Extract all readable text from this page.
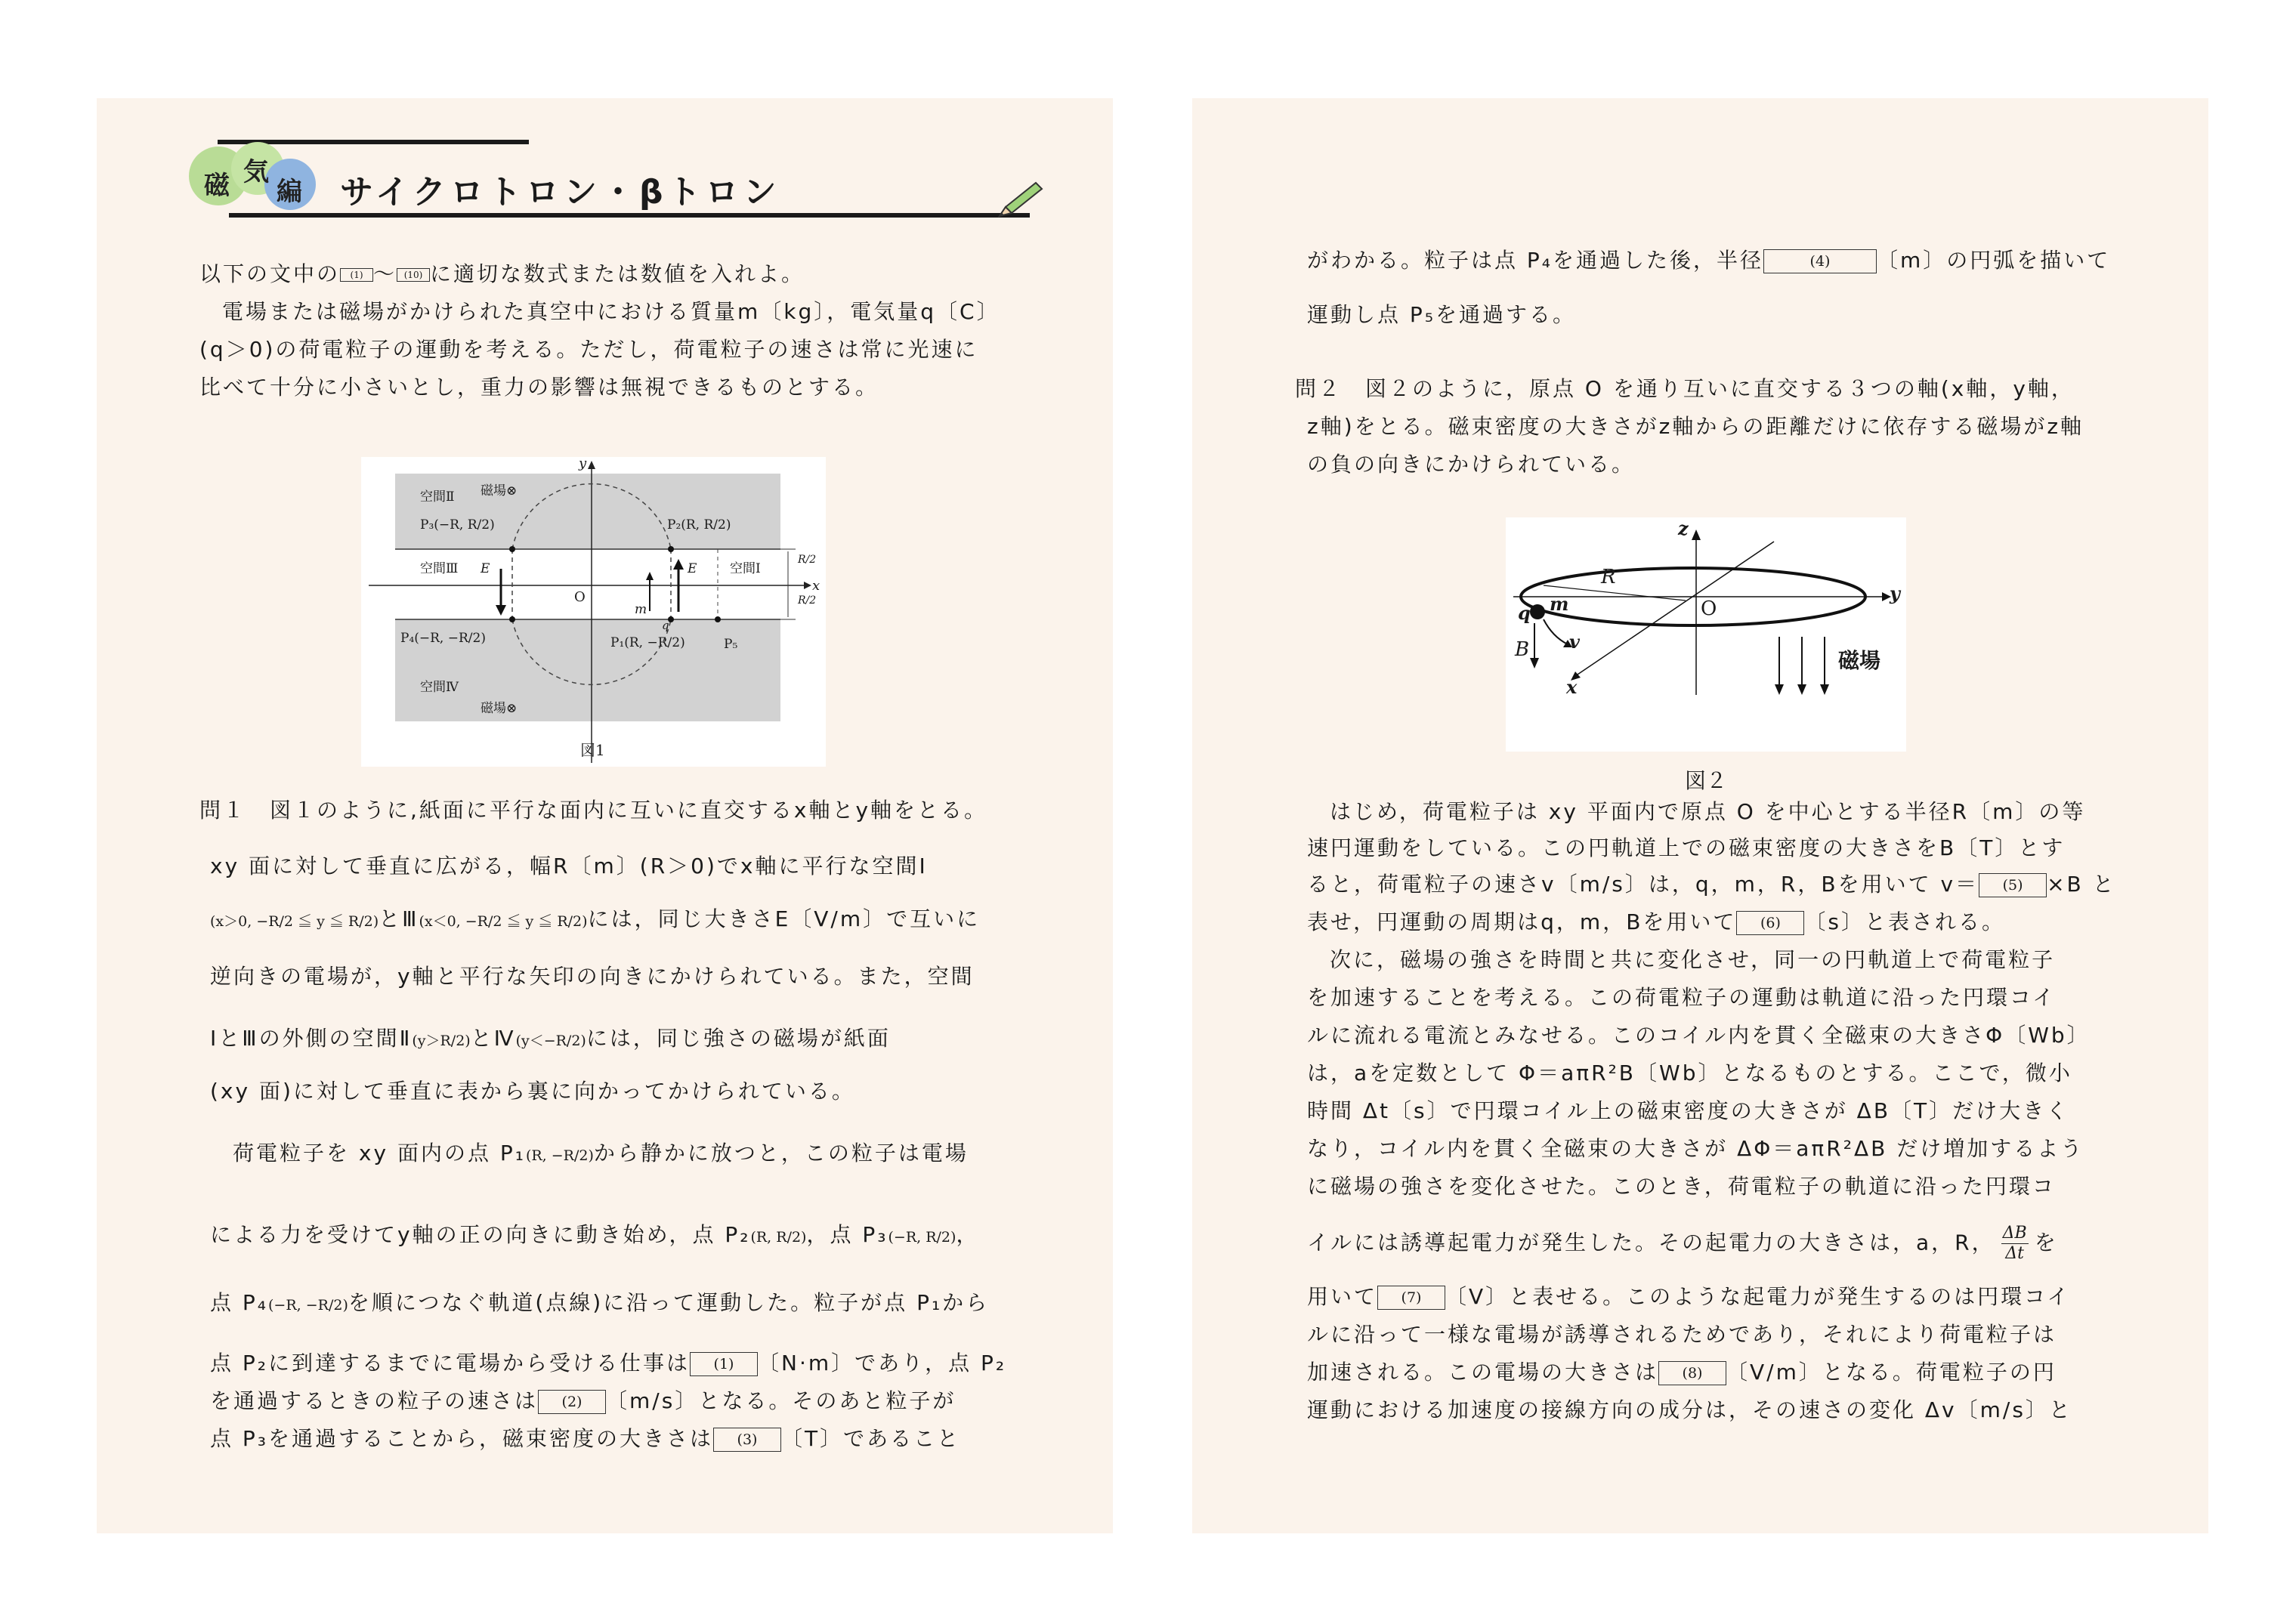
磁 気
編 サイクロトロン・βトロン
以下の文中の (1) 〜 (10) に適切な数式または数値を入れよ。
電場または磁場がかけられた真空中における質量m〔kg〕，電気量q〔C〕
(q＞0)の荷電粒子の運動を考える。ただし，荷電粒子の速さは常に光速に
比べて十分に小さいとし，重力の影響は無視できるものとする。
y
x
O
空間Ⅱ 磁場⊗
P₃(−R, R/2)	P₂(R, R/2)
空間Ⅲ E	E	空間Ⅰ
R/2
R/2
m
q
P₄(−R, −R/2)	P₁(R, −R/2)	P₅
空間Ⅳ
磁場⊗
図1
問１　図１のように,紙面に平行な面内に互いに直交するx軸とy軸をとる。
xy 面に対して垂直に広がる，幅R〔m〕(R＞0)でx軸に平行な空間Ⅰ
(x＞0, −R/2 ≦ y ≦ R/2)とⅢ(x＜0, −R/2 ≦ y ≦ R/2)には，同じ大きさE〔V/m〕で互いに
逆向きの電場が，y軸と平行な矢印の向きにかけられている。また，空間
ⅠとⅢの外側の空間Ⅱ(y＞R/2)とⅣ(y＜−R/2)には，同じ強さの磁場が紙面
(xy 面)に対して垂直に表から裏に向かってかけられている。
荷電粒子を xy 面内の点 P₁(R, −R/2)から静かに放つと，この粒子は電場
による力を受けてy軸の正の向きに動き始め，点 P₂(R, R/2)，点 P₃(−R, R/2)，
点 P₄(−R, −R/2)を順につなぐ軌道(点線)に沿って運動した。粒子が点 P₁から
点 P₂に到達するまでに電場から受ける仕事は (1) 〔N·m〕であり，点 P₂
を通過するときの粒子の速さは (2) 〔m/s〕となる。そのあと粒子が
点 P₃を通過することから，磁束密度の大きさは (3) 〔T〕であること
がわかる。粒子は点 P₄を通過した後，半径	(4) 〔m〕の円弧を描いて
運動し点 P₅を通過する。
問２　図２のように，原点 O を通り互いに直交する３つの軸(x軸，y軸，
z軸)をとる。磁束密度の大きさがz軸からの距離だけに依存する磁場がz軸
の負の向きにかけられている。
z
y
x
O
R
m
q
B v
磁場
図２
はじめ，荷電粒子は xy 平面内で原点 O を中心とする半径R〔m〕の等
速円運動をしている。この円軌道上での磁束密度の大きさをB〔T〕とす
ると，荷電粒子の速さv〔m/s〕は，q，m，R，Bを用いて v＝ (5) ×B と
表せ，円運動の周期はq，m，Bを用いて (6) 〔s〕と表される。
次に，磁場の強さを時間と共に変化させ，同一の円軌道上で荷電粒子
を加速することを考える。この荷電粒子の運動は軌道に沿った円環コイ
ルに流れる電流とみなせる。このコイル内を貫く全磁束の大きさΦ〔Wb〕
は，aを定数として Φ＝aπR²B〔Wb〕となるものとする。ここで，微小
時間 Δt〔s〕で円環コイル上の磁束密度の大きさが ΔB〔T〕だけ大きく
なり，コイル内を貫く全磁束の大きさが ΔΦ＝aπR²ΔB だけ増加するよう
に磁場の強さを変化させた。このとき，荷電粒子の軌道に沿った円環コ
イルには誘導起電力が発生した。その起電力の大きさは，a，R， $\frac{\Delta B}{\Delta t}$ を
用いて (7) 〔V〕と表せる。このような起電力が発生するのは円環コイ
ルに沿って一様な電場が誘導されるためであり，それにより荷電粒子は
加速される。この電場の大きさは (8) 〔V/m〕となる。荷電粒子の円
運動における加速度の接線方向の成分は，その速さの変化 Δv〔m/s〕と
